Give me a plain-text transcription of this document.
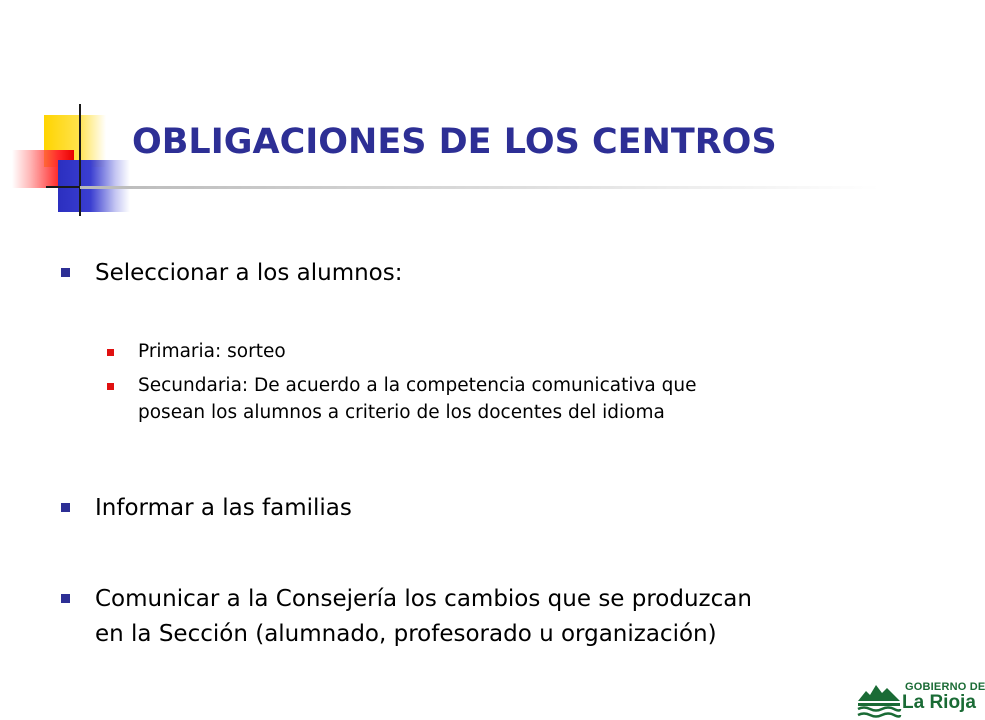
OBLIGACIONES DE LOS CENTROS

Seleccionar a los alumnos:

Primaria: sorteo

Secundaria: De acuerdo a la competencia comunicativa que

posean los alumnos a criterio de los docentes del idioma

Informar a las familias

Comunicar a la Consejería los cambios que se produzcan

en la Sección (alumnado, profesorado u organización)

GOBIERNO DE
La Rioja
